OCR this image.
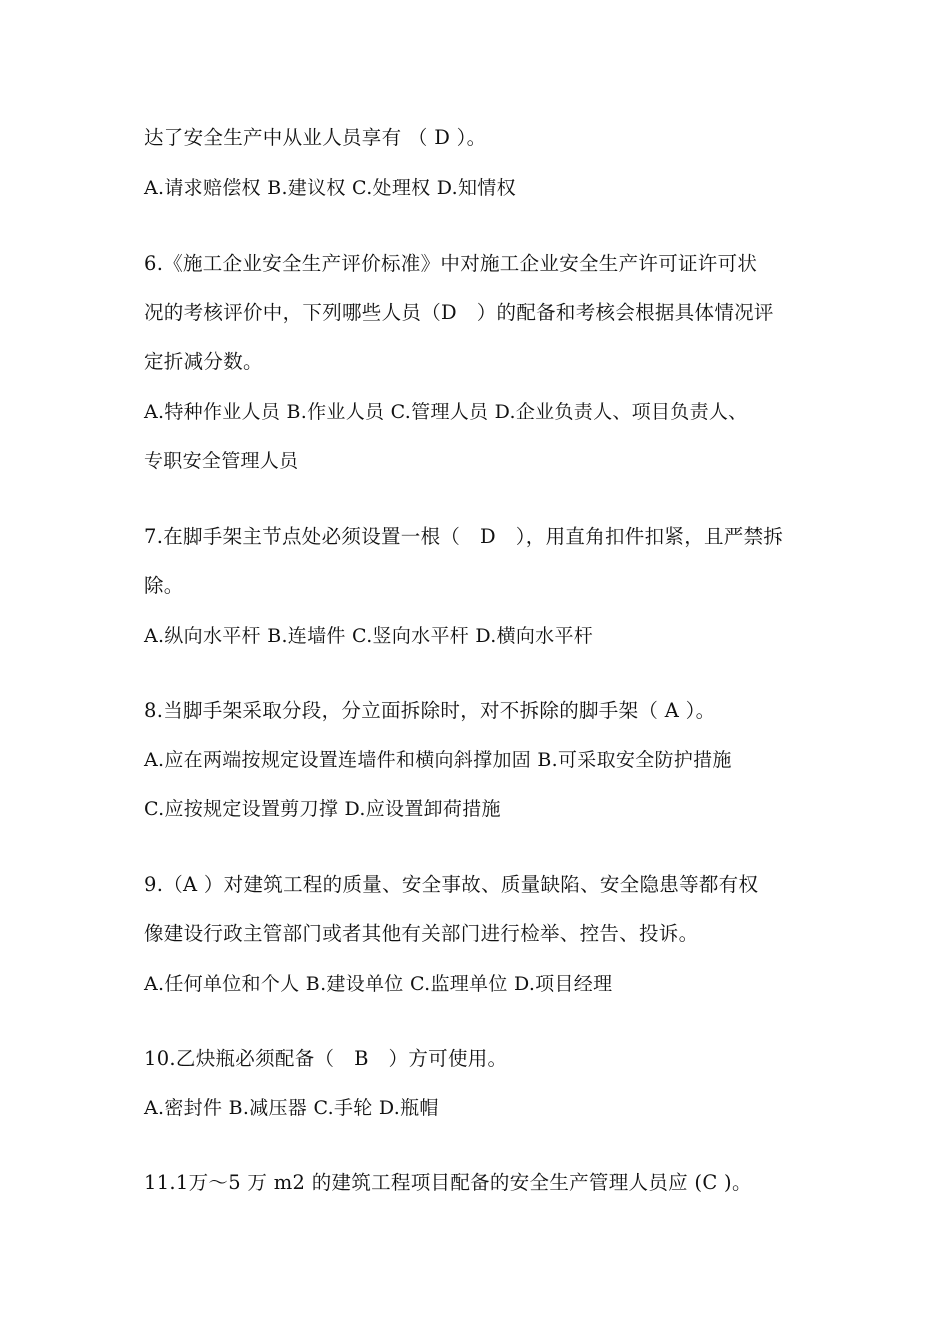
达了安全生产中从业人员享有 （ D ）。
A.请求赔偿权 B.建议权 C.处理权 D.知情权
6.《施工企业安全生产评价标准》中对施工企业安全生产许可证许可状
况的考核评价中，下列哪些人员（D　）的配备和考核会根据具体情况评
定折减分数。
A.特种作业人员 B.作业人员 C.管理人员 D.企业负责人、项目负责人、
专职安全管理人员
7.在脚手架主节点处必须设置一根（　D　），用直角扣件扣紧，且严禁拆
除。
A.纵向水平杆 B.连墙件 C.竖向水平杆 D.横向水平杆
8.当脚手架采取分段，分立面拆除时，对不拆除的脚手架（ A ）。
A.应在两端按规定设置连墙件和横向斜撑加固 B.可采取安全防护措施
C.应按规定设置剪刀撑 D.应设置卸荷措施
9.（A ）对建筑工程的质量、安全事故、质量缺陷、安全隐患等都有权
像建设行政主管部门或者其他有关部门进行检举、控告、投诉。
A.任何单位和个人 B.建设单位 C.监理单位 D.项目经理
10.乙炔瓶必须配备（　B　）方可使用。
A.密封件 B.减压器 C.手轮 D.瓶帽
11.1万～5 万 m2 的建筑工程项目配备的安全生产管理人员应 (C )。
